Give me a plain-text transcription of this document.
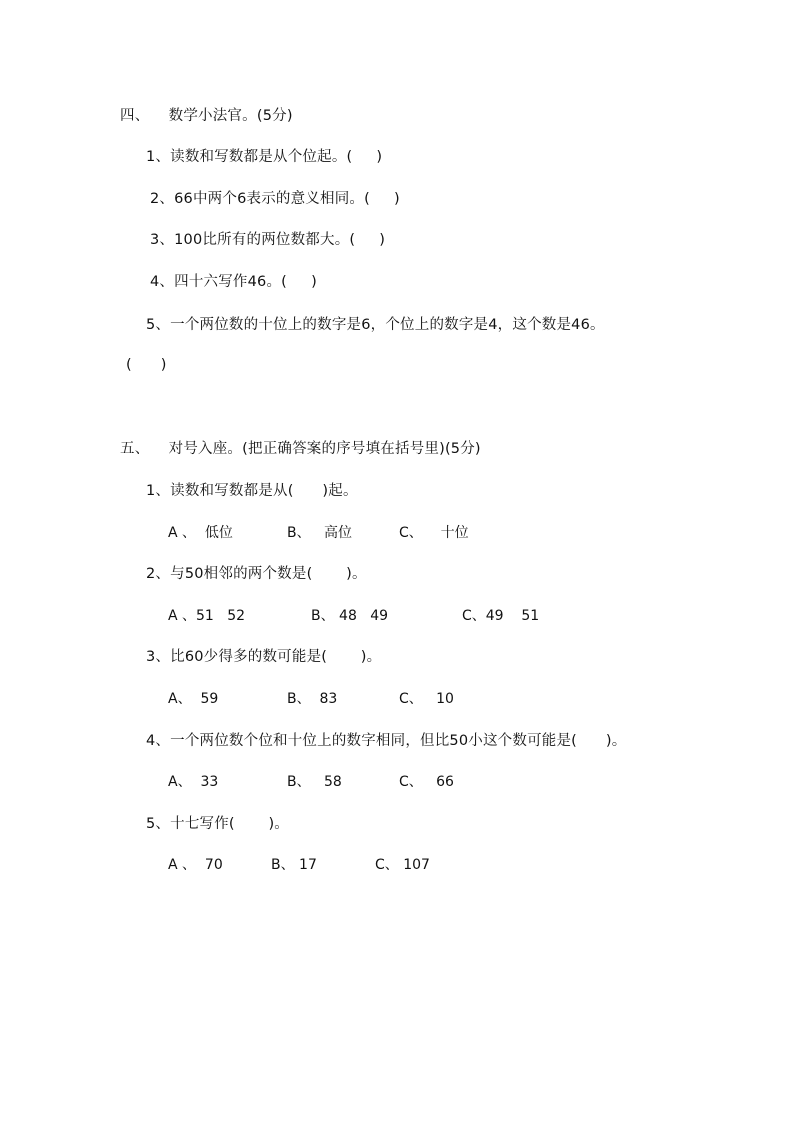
四、    数学小法官。(5分)
1、读数和写数都是从个位起。(     )
2、66中两个6表示的意义相同。(     )
3、100比所有的两位数都大。(     )
4、四十六写作46。(     )
5、一个两位数的十位上的数字是6，个位上的数字是4，这个数是46。
(      )
五、    对号入座。(把正确答案的序号填在括号里)(5分)
1、读数和写数都是从(      )起。

A 、  低位

	B、   高位

	C、    十位

2、与50相邻的两个数是(       )。

A 、51   52

	B、 48   49

	C、49    51

3、比60少得多的数可能是(       )。

A、  59

	B、  83

	C、   10

4、一个两位数个位和十位上的数字相同，但比50小这个数可能是(      )。

A、  33

	B、   58

	C、   66

5、十七写作(       )。

A 、  70

	B、 17

	C、 107
